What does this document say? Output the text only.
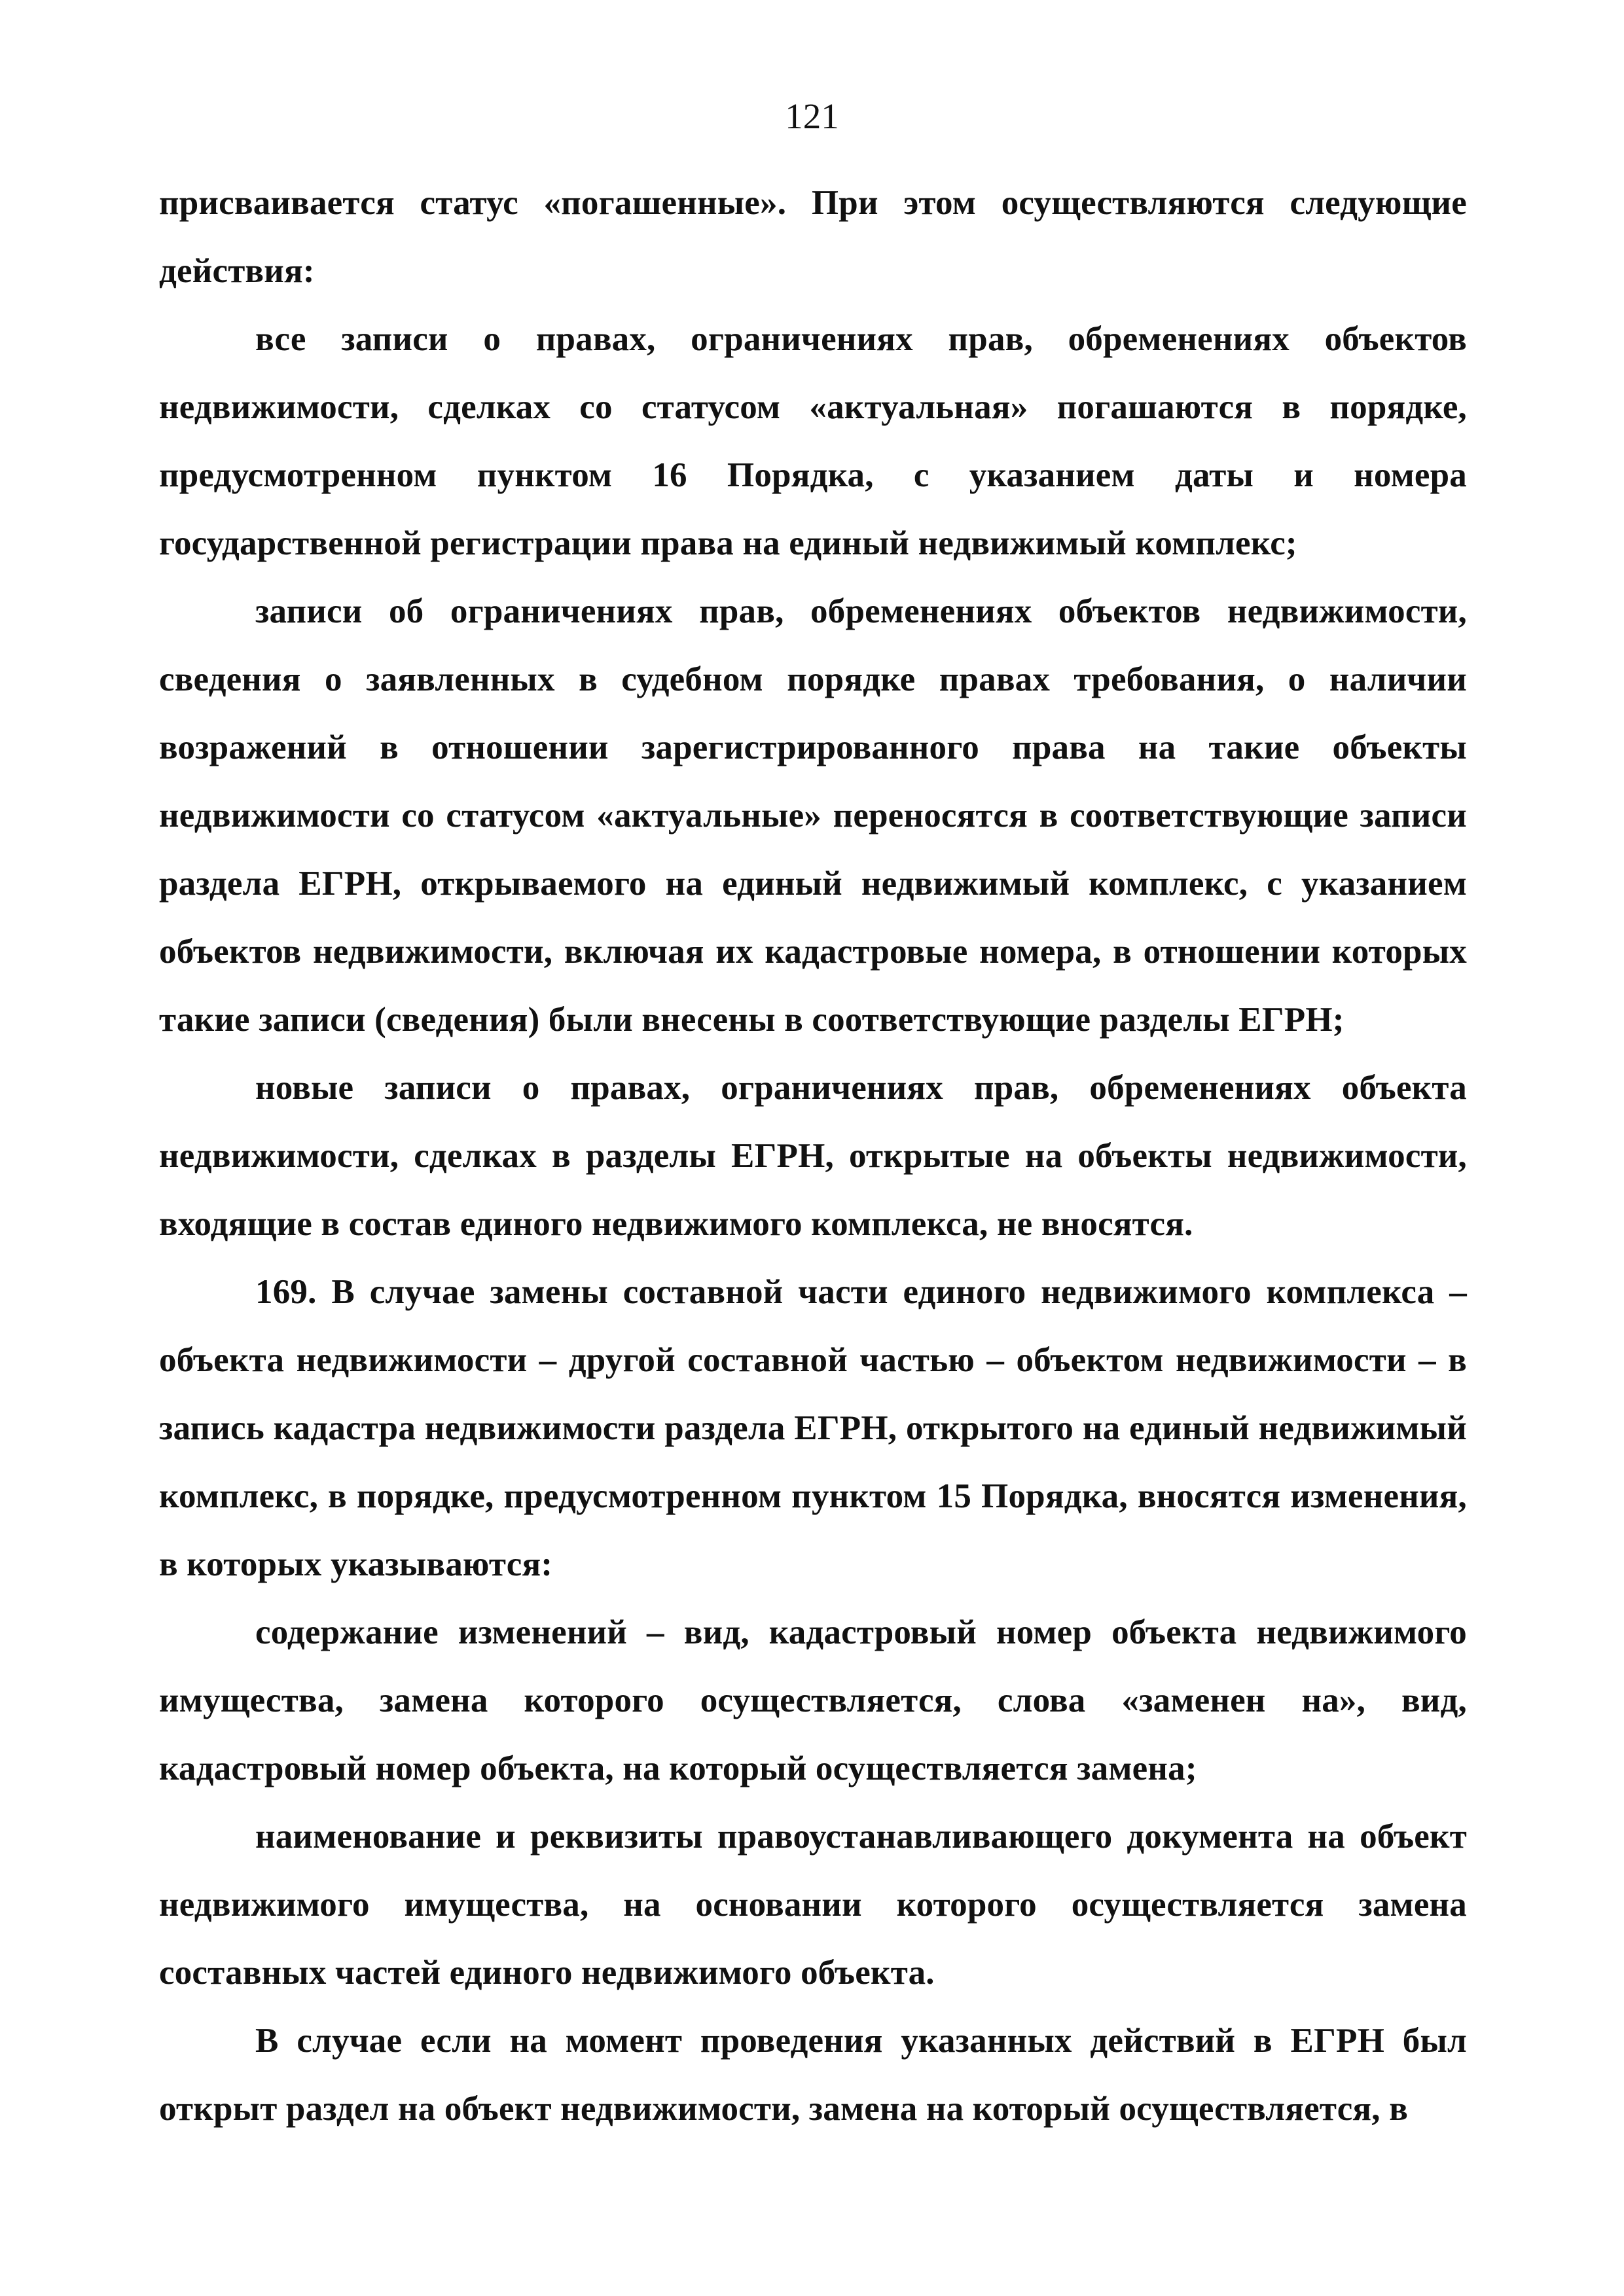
121

присваивается статус «погашенные». При этом осуществляются следующие действия:

все записи о правах, ограничениях прав, обременениях объектов недвижимости, сделках со статусом «актуальная» погашаются в порядке, предусмотренном пунктом 16 Порядка, с указанием даты и номера государственной регистрации права на единый недвижимый комплекс;

записи об ограничениях прав, обременениях объектов недвижимости, сведения о заявленных в судебном порядке правах требования, о наличии возражений в отношении зарегистрированного права на такие объекты недвижимости со статусом «актуальные» переносятся в соответствующие записи раздела ЕГРН, открываемого на единый недвижимый комплекс, с указанием объектов недвижимости, включая их кадастровые номера, в отношении которых такие записи (сведения) были внесены в соответствующие разделы ЕГРН;

новые записи о правах, ограничениях прав, обременениях объекта недвижимости, сделках в разделы ЕГРН, открытые на объекты недвижимости, входящие в состав единого недвижимого комплекса, не вносятся.

169. В случае замены составной части единого недвижимого комплекса – объекта недвижимости – другой составной частью – объектом недвижимости – в запись кадастра недвижимости раздела ЕГРН, открытого на единый недвижимый комплекс, в порядке, предусмотренном пунктом 15 Порядка, вносятся изменения, в которых указываются:

содержание изменений – вид, кадастровый номер объекта недвижимого имущества, замена которого осуществляется, слова «заменен на», вид, кадастровый номер объекта, на который осуществляется замена;

наименование и реквизиты правоустанавливающего документа на объект недвижимого имущества, на основании которого осуществляется замена составных частей единого недвижимого объекта.

В случае если на момент проведения указанных действий в ЕГРН был открыт раздел на объект недвижимости, замена на который осуществляется, в
